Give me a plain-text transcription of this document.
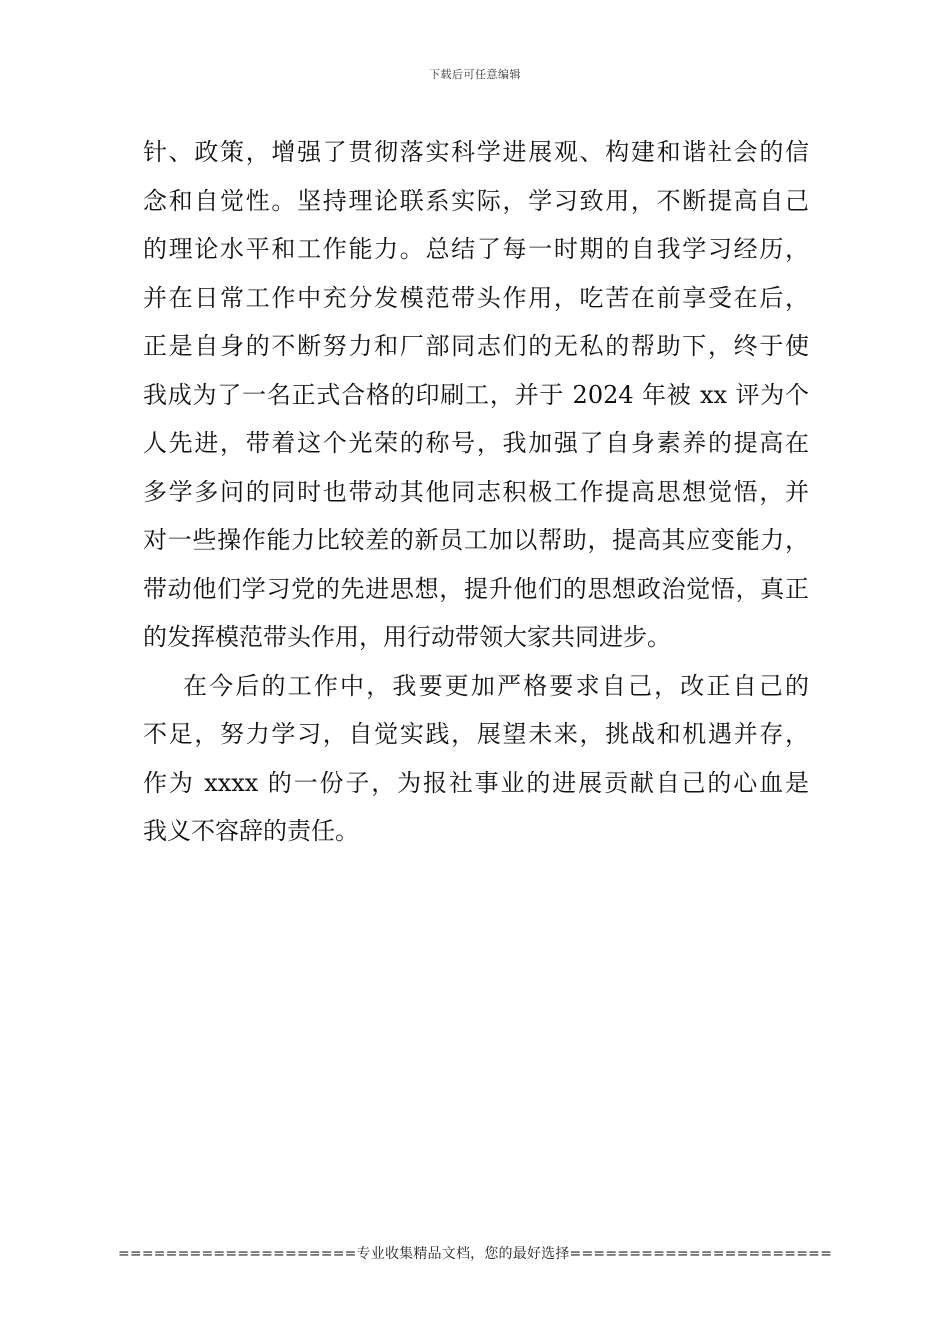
下载后可任意编辑
针、政策，增强了贯彻落实科学进展观、构建和谐社会的信
念和自觉性。坚持理论联系实际，学习致用，不断提高自己
的理论水平和工作能力。总结了每一时期的自我学习经历，
并在日常工作中充分发模范带头作用，吃苦在前享受在后，
正是自身的不断努力和厂部同志们的无私的帮助下，终于使
我成为了一名正式合格的印刷工，并于 2024 年被 xx 评为个
人先进，带着这个光荣的称号，我加强了自身素养的提高在
多学多问的同时也带动其他同志积极工作提高思想觉悟，并
对一些操作能力比较差的新员工加以帮助，提高其应变能力，
带动他们学习党的先进思想，提升他们的思想政治觉悟，真正
的发挥模范带头作用，用行动带领大家共同进步。
在今后的工作中，我要更加严格要求自己，改正自己的
不足，努力学习，自觉实践，展望未来，挑战和机遇并存，
作为 xxxx 的一份子，为报社事业的进展贡献自己的心血是
我义不容辞的责任。
====================专业收集精品文档，您的最好选择======================
